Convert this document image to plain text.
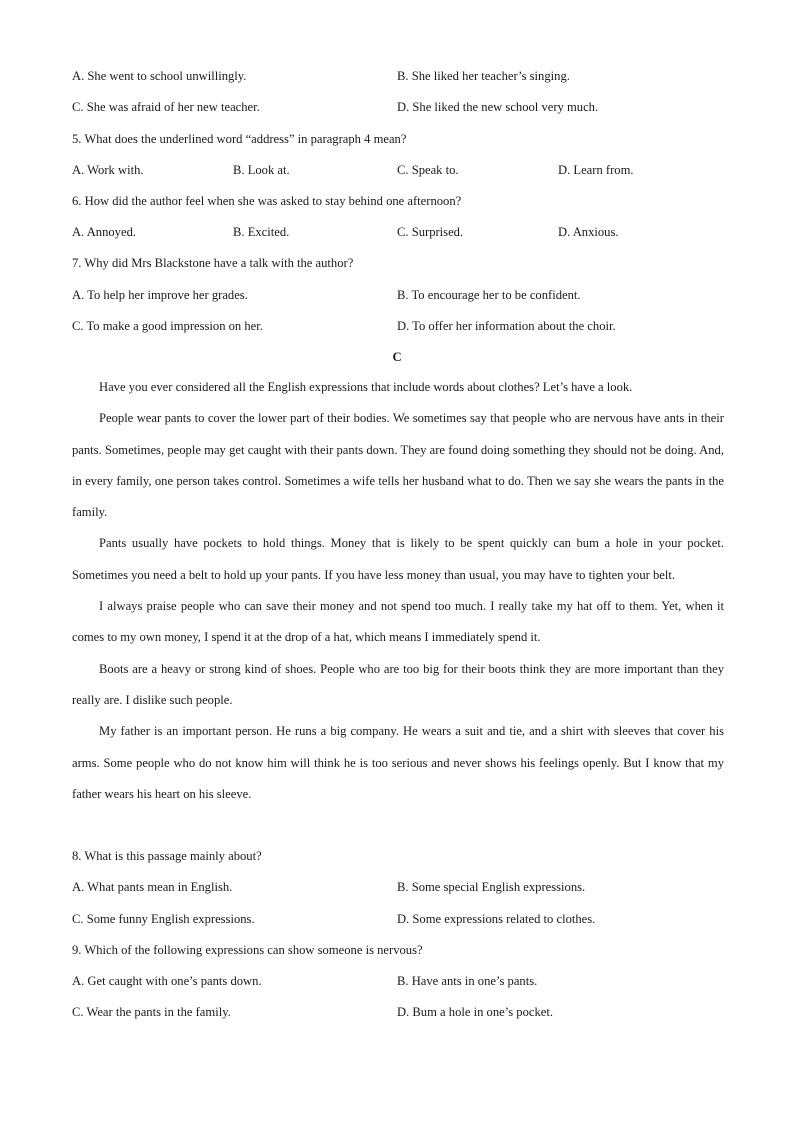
A. She went to school unwillingly.	B. She liked her teacher’s singing.
C. She was afraid of her new teacher.	D. She liked the new school very much.
5. What does the underlined word “address” in paragraph 4 mean?
A. Work with.	B. Look at.	C. Speak to.	D. Learn from.
6. How did the author feel when she was asked to stay behind one afternoon?
A. Annoyed.	B. Excited.	C. Surprised.	D. Anxious.
7. Why did Mrs Blackstone have a talk with the author?
A. To help her improve her grades.	B. To encourage her to be confident.
C. To make a good impression on her.	D. To offer her information about the choir.
C

Have you ever considered all the English expressions that include words about clothes? Let’s have a look.

People wear pants to cover the lower part of their bodies. We sometimes say that people who are nervous have ants in their pants. Sometimes, people may get caught with their pants down. They are found doing something they should not be doing. And, in every family, one person takes control. Sometimes a wife tells her husband what to do. Then we say she wears the pants in the family.

Pants usually have pockets to hold things. Money that is likely to be spent quickly can bum a hole in your pocket. Sometimes you need a belt to hold up your pants. If you have less money than usual, you may have to tighten your belt.

I always praise people who can save their money and not spend too much. I really take my hat off to them. Yet, when it comes to my own money, I spend it at the drop of a hat, which means I immediately spend it.

Boots are a heavy or strong kind of shoes. People who are too big for their boots think they are more important than they really are. I dislike such people.

My father is an important person. He runs a big company. He wears a suit and tie, and a shirt with sleeves that cover his arms. Some people who do not know him will think he is too serious and never shows his feelings openly. But I know that my father wears his heart on his sleeve.

8. What is this passage mainly about?
A. What pants mean in English.	B. Some special English expressions.
C. Some funny English expressions.	D. Some expressions related to clothes.
9. Which of the following expressions can show someone is nervous?
A. Get caught with one’s pants down.	B. Have ants in one’s pants.
C. Wear the pants in the family.	D. Bum a hole in one’s pocket.
